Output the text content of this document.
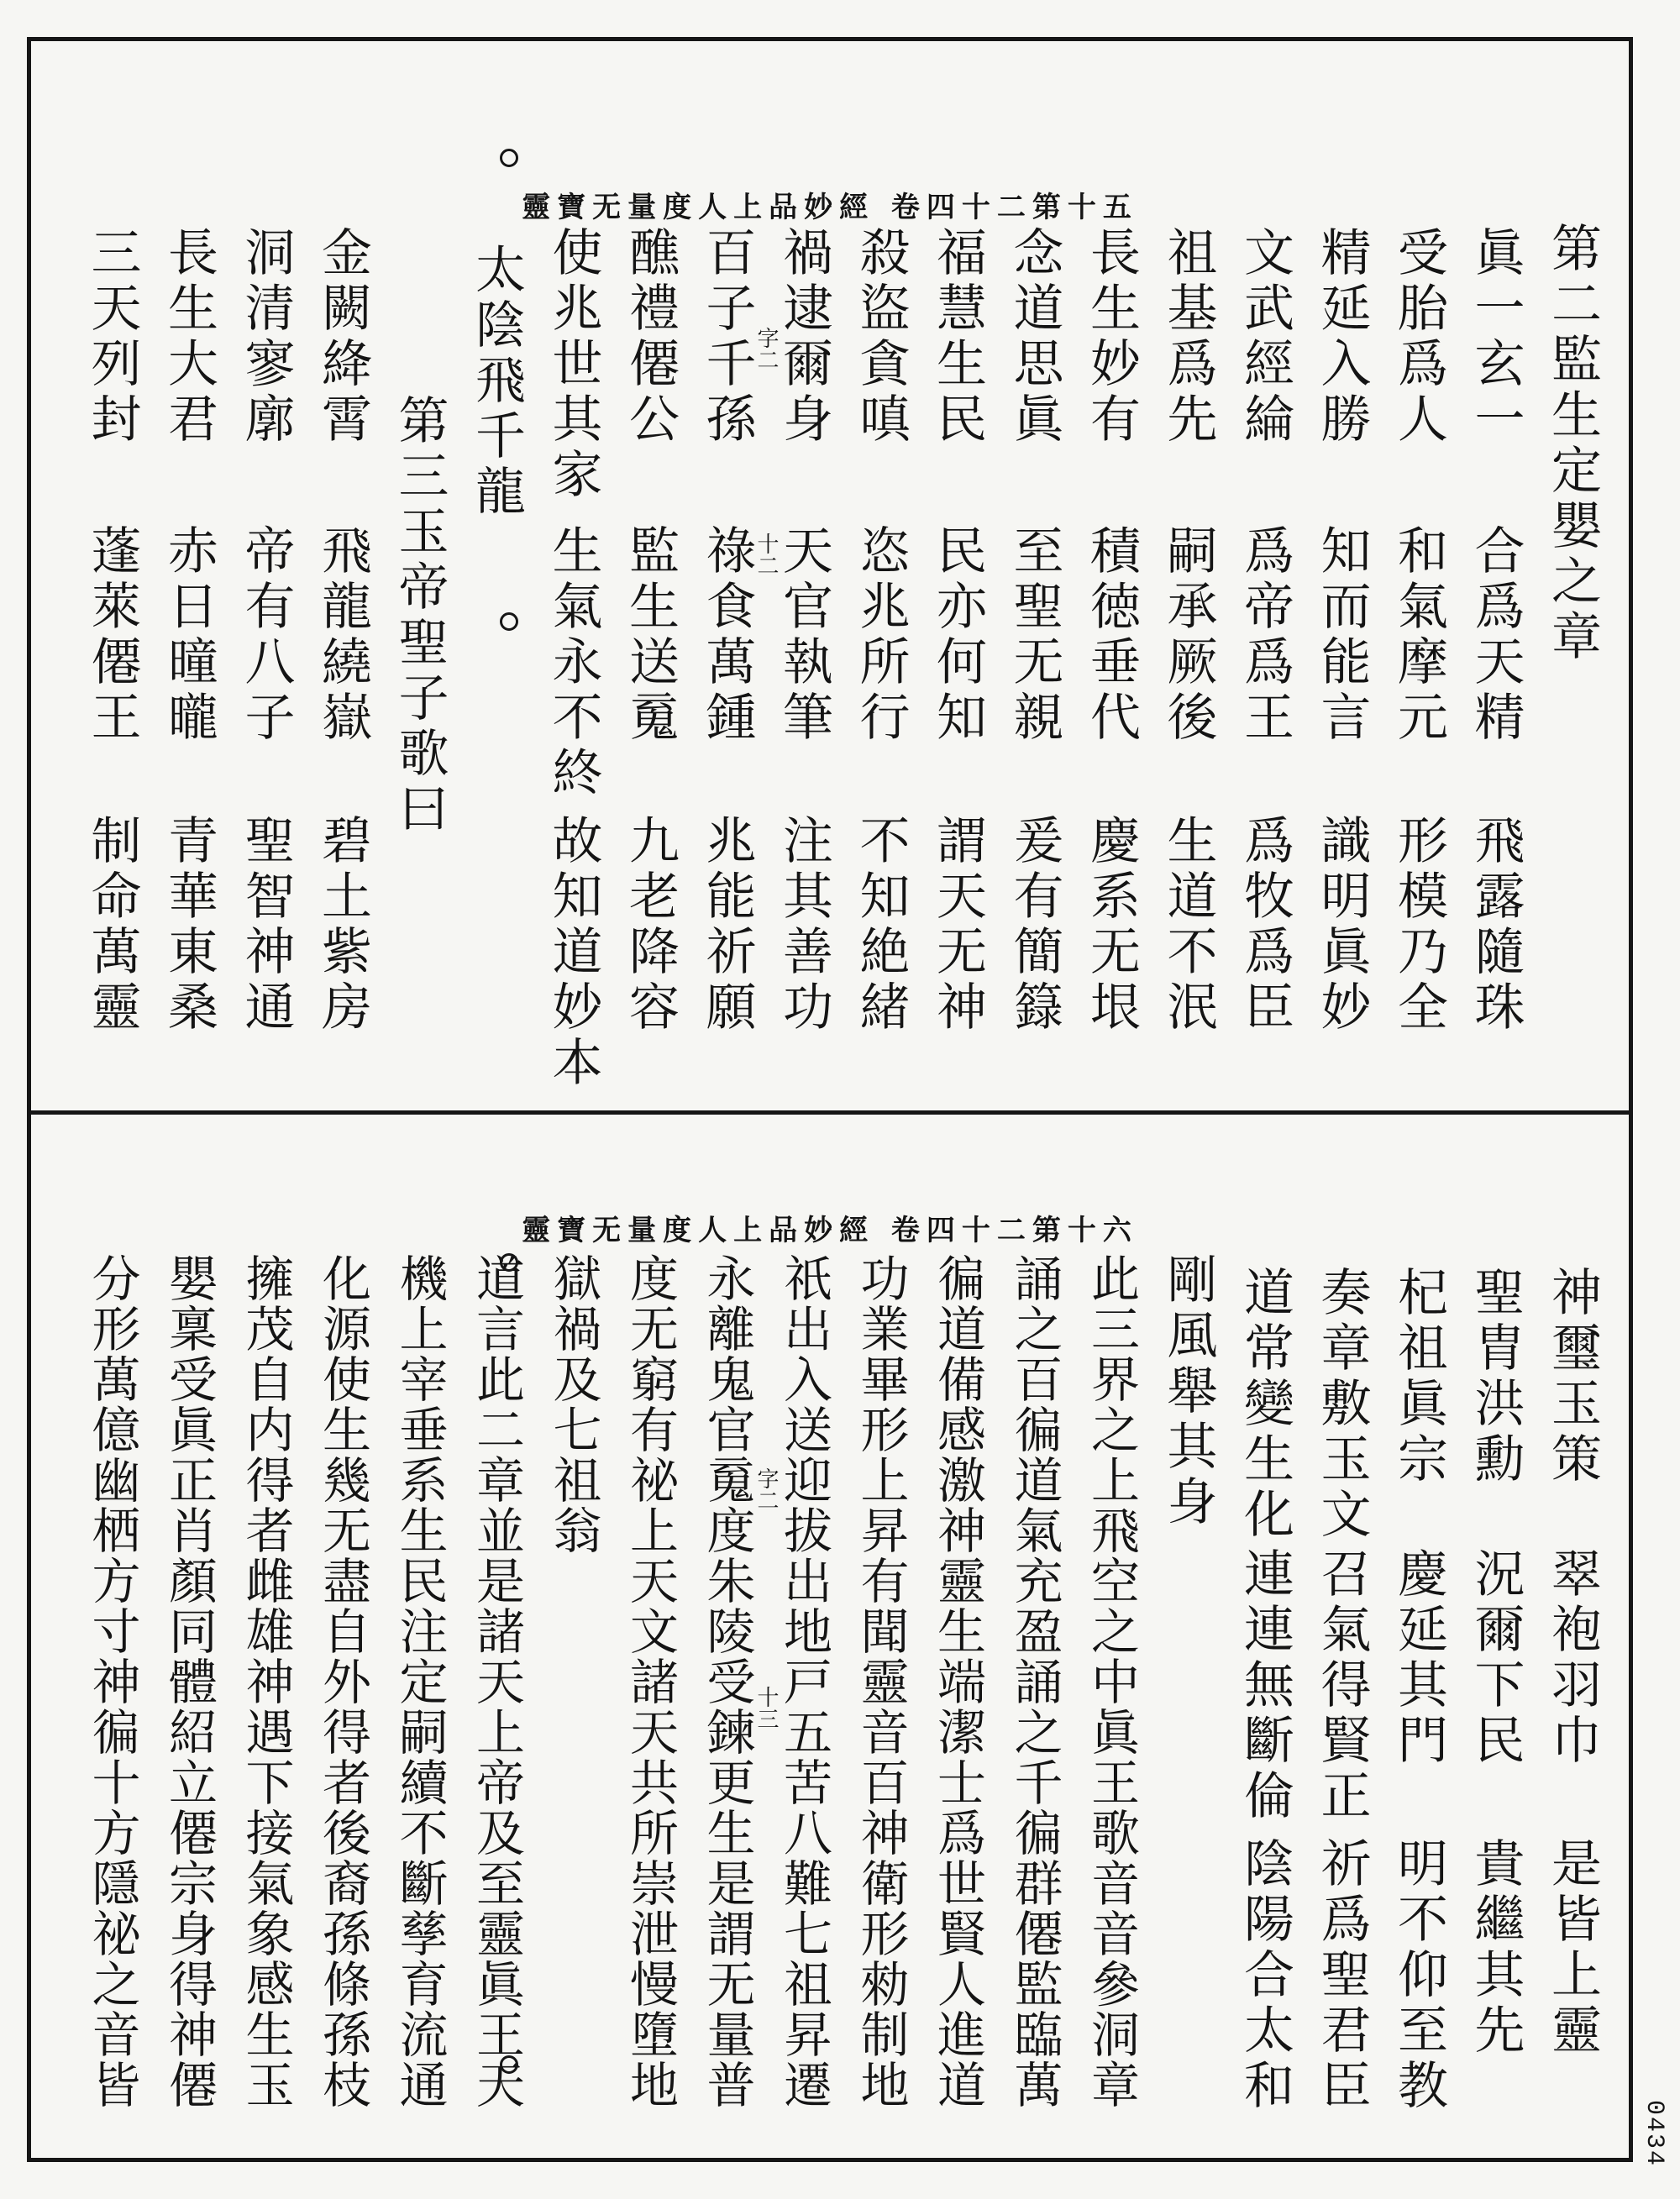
靈寶无量度人上品妙經 卷四十二第十五
第二監生定嬰之章
眞一玄一
合爲天精
飛露隨珠
受胎爲人
和氣摩元
形模乃全
精延入勝
知而能言
識明眞妙
文武經綸
爲帝爲王
爲牧爲臣
祖基爲先
嗣承厥後
生道不泯
長生妙有
積徳垂代
慶系无垠
念道思眞
至聖无親
爰有簡籙
福慧生民
民亦何知
謂天无神
殺盜貪嗔
恣兆所行
不知絶緒
禍逮爾身
天官執筆
注其善功
百子千孫
祿食萬鍾
兆能祈願
醮禮僊公
監生送䰟
九老降容
使兆世其家
生氣永不終
故知道妙本
太陰飛千龍
第三玉帝聖子歌曰
金闕絳霄
飛龍繞嶽
碧土紫房
洞清寥廓
帝有八子
聖智神通
長生大君
赤日曈曨
青華東桑
三天列封
蓬萊僊王
制命萬靈
字二
十二
靈寶无量度人上品妙經 卷四十二第十六
神璽玉策
翠袍羽巾
是皆上靈
聖胄洪勳
況爾下民
貴繼其先
杞祖眞宗
慶延其門
明不仰至教
奏章敷玉文
召氣得賢正
祈爲聖君臣
道常變生化
連連無斷倫
陰陽合太和
剛風舉其身
此三界之上飛空之中眞王歌音音參洞章
誦之百徧道氣充盈誦之千徧群僊監臨萬
徧道備感激神靈生端潔士爲世賢人進道
功業畢形上昇有聞靈音百神衛形勑制地
祇出入送迎拔出地戸五苦八難七祖昇遷
永離鬼官䰟度朱陵受鍊更生是謂无量普
度无窮有祕上天文諸天共所崇泄慢墮地
獄禍及七祖翁
道言此二章並是諸天上帝及至靈眞王天
機上宰垂系生民注定嗣續不斷孳育流通
化源使生幾无盡自外得者後裔孫條孫枝
擁茂自内得者雌雄神遇下接氣象感生玉
嬰稟受眞正肖顏同體紹立僊宗身得神僊
分形萬億幽栖方寸神徧十方隱祕之音皆	字二
十三
0434
